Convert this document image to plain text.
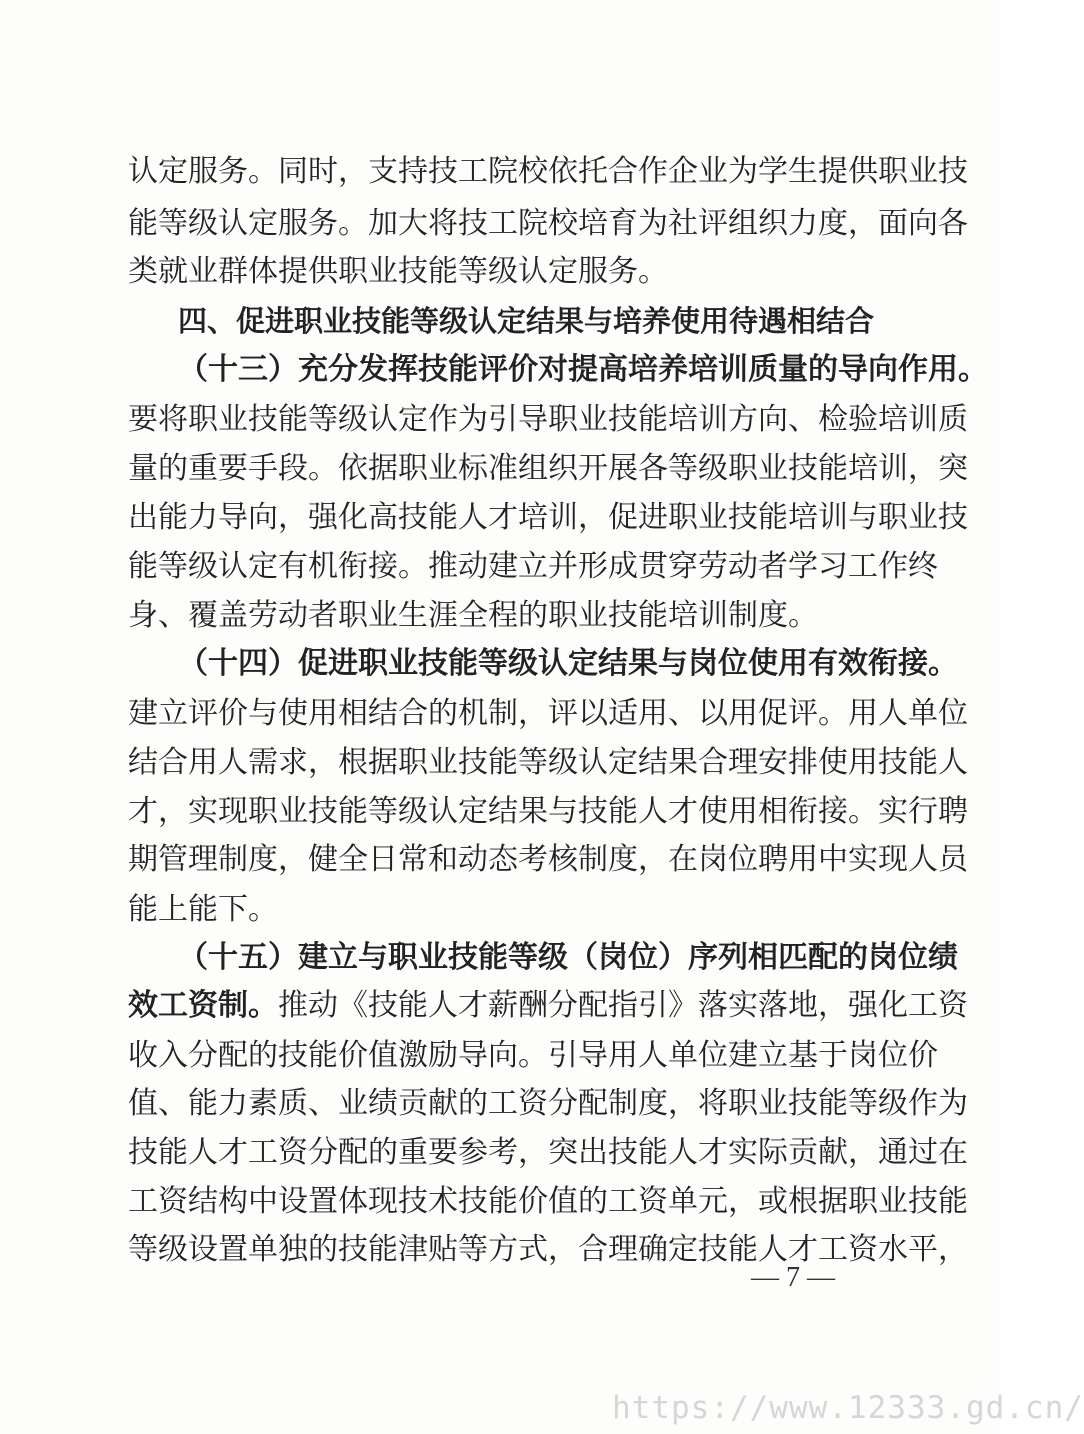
认定服务。同时，支持技工院校依托合作企业为学生提供职业技
能等级认定服务。加大将技工院校培育为社评组织力度，面向各
类就业群体提供职业技能等级认定服务。
四、促进职业技能等级认定结果与培养使用待遇相结合
（十三）充分发挥技能评价对提高培养培训质量的导向作用。
要将职业技能等级认定作为引导职业技能培训方向、检验培训质
量的重要手段。依据职业标准组织开展各等级职业技能培训，突
出能力导向，强化高技能人才培训，促进职业技能培训与职业技
能等级认定有机衔接。推动建立并形成贯穿劳动者学习工作终
身、覆盖劳动者职业生涯全程的职业技能培训制度。
（十四）促进职业技能等级认定结果与岗位使用有效衔接。
建立评价与使用相结合的机制，评以适用、以用促评。用人单位
结合用人需求，根据职业技能等级认定结果合理安排使用技能人
才，实现职业技能等级认定结果与技能人才使用相衔接。实行聘
期管理制度，健全日常和动态考核制度，在岗位聘用中实现人员
能上能下。
（十五）建立与职业技能等级（岗位）序列相匹配的岗位绩
效工资制。推动《技能人才薪酬分配指引》落实落地，强化工资
收入分配的技能价值激励导向。引导用人单位建立基于岗位价
值、能力素质、业绩贡献的工资分配制度，将职业技能等级作为
技能人才工资分配的重要参考，突出技能人才实际贡献，通过在
工资结构中设置体现技术技能价值的工资单元，或根据职业技能
等级设置单独的技能津贴等方式，合理确定技能人才工资水平，
— 7 —
https://www.12333.gd.cn/
